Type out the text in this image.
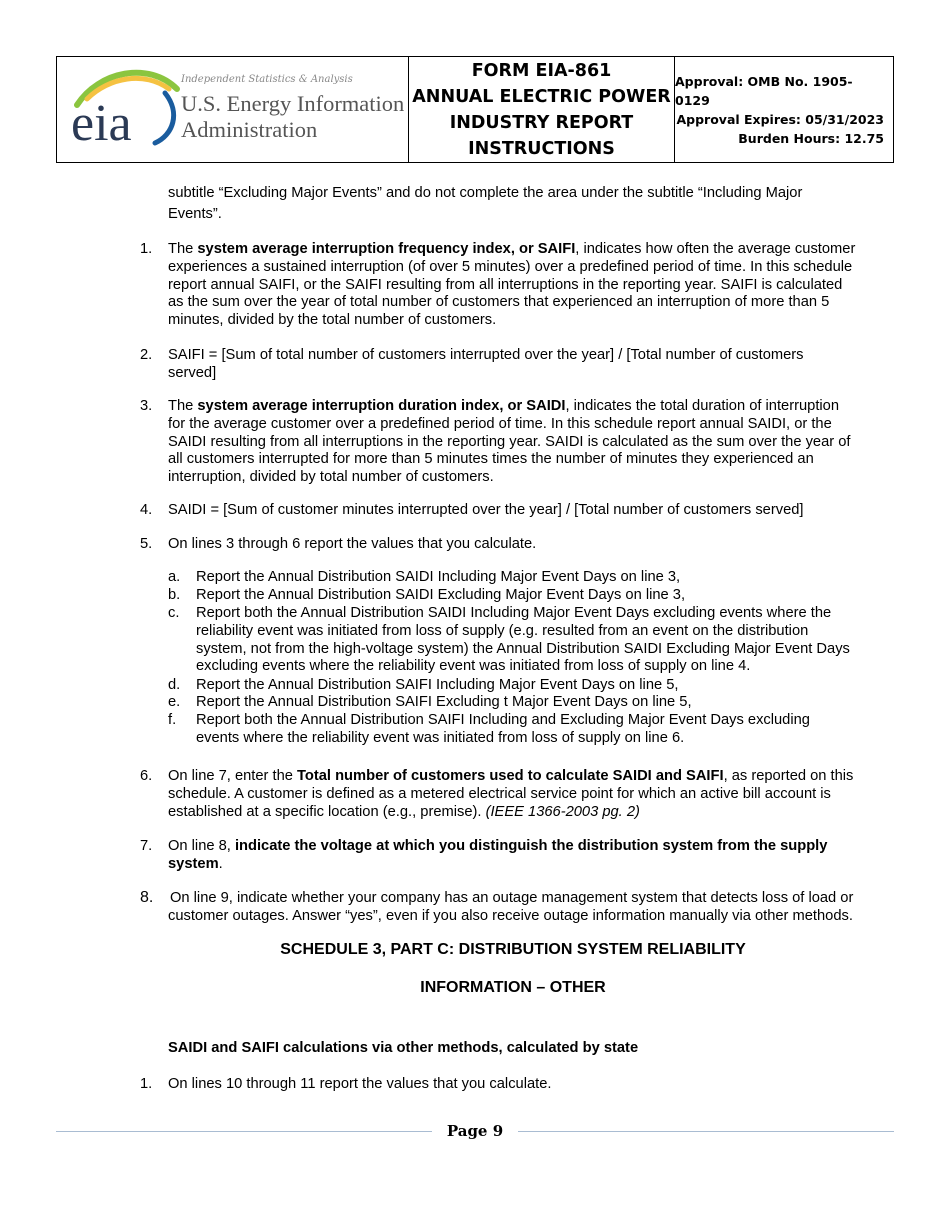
eia
Independent Statistics & Analysis
U.S. Energy Information
Administration
FORM EIA-861
ANNUAL ELECTRIC POWER
INDUSTRY REPORT
INSTRUCTIONS
Approval: OMB No. 1905-0129
Approval Expires: 05/31/2023
Burden Hours: 12.75
subtitle “Excluding Major Events” and do not complete the area under the subtitle “Including Major
Events”.
1. The system average interruption frequency index, or SAIFI, indicates how often the average customer
experiences a sustained interruption (of over 5 minutes) over a predefined period of time. In this schedule
report annual SAIFI, or the SAIFI resulting from all interruptions in the reporting year. SAIFI is calculated
as the sum over the year of total number of customers that experienced an interruption of more than 5
minutes, divided by the total number of customers.
2. SAIFI = [Sum of total number of customers interrupted over the year] / [Total number of customers
served]
3. The system average interruption duration index, or SAIDI, indicates the total duration of interruption
for the average customer over a predefined period of time. In this schedule report annual SAIDI, or the
SAIDI resulting from all interruptions in the reporting year. SAIDI is calculated as the sum over the year of
all customers interrupted for more than 5 minutes times the number of minutes they experienced an
interruption, divided by total number of customers.
4. SAIDI = [Sum of customer minutes interrupted over the year] / [Total number of customers served]
5. On lines 3 through 6 report the values that you calculate.
a. Report the Annual Distribution SAIDI Including Major Event Days on line 3,
b. Report the Annual Distribution SAIDI Excluding Major Event Days on line 3,
c. Report both the Annual Distribution SAIDI Including Major Event Days excluding events where the
reliability event was initiated from loss of supply (e.g. resulted from an event on the distribution
system, not from the high-voltage system) the Annual Distribution SAIDI Excluding Major Event Days
excluding events where the reliability event was initiated from loss of supply on line 4.
d. Report the Annual Distribution SAIFI Including Major Event Days on line 5,
e. Report the Annual Distribution SAIFI Excluding t Major Event Days on line 5,
f. Report both the Annual Distribution SAIFI Including and Excluding Major Event Days excluding
events where the reliability event was initiated from loss of supply on line 6.
6. On line 7, enter the Total number of customers used to calculate SAIDI and SAIFI, as reported on this
schedule. A customer is defined as a metered electrical service point for which an active bill account is
established at a specific location (e.g., premise). (IEEE 1366-2003 pg. 2)
7. On line 8, indicate the voltage at which you distinguish the distribution system from the supply
system.
8. On line 9, indicate whether your company has an outage management system that detects loss of load or
customer outages. Answer “yes”, even if you also receive outage information manually via other methods.
SCHEDULE 3, PART C: DISTRIBUTION SYSTEM RELIABILITY
INFORMATION – OTHER
SAIDI and SAIFI calculations via other methods, calculated by state
1. On lines 10 through 11 report the values that you calculate.
Page 9
